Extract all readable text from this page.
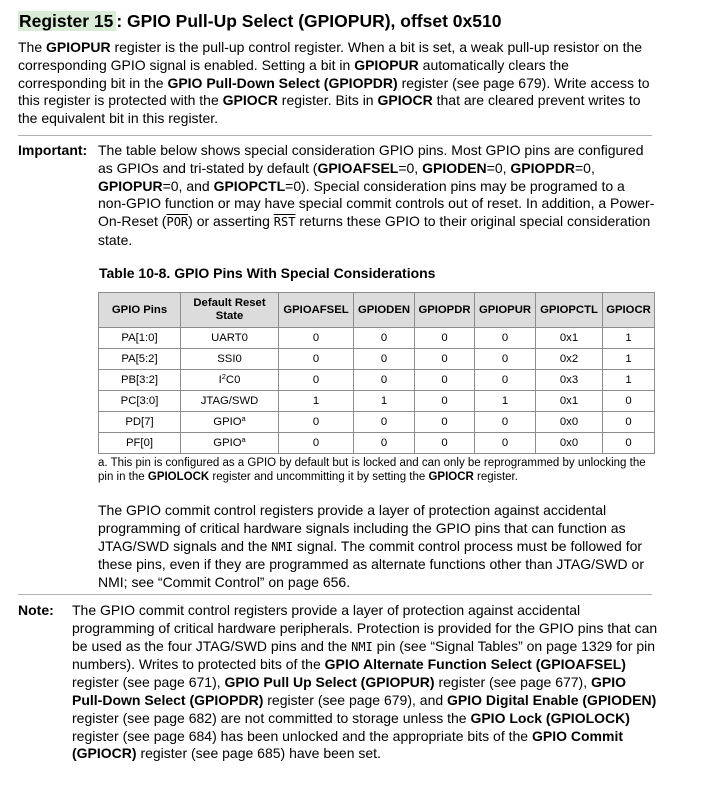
Register 15 : GPIO Pull-Up Select (GPIOPUR), offset 0x510

The GPIOPUR register is the pull-up control register. When a bit is set, a weak pull-up resistor on the corresponding GPIO signal is enabled. Setting a bit in GPIOPUR automatically clears the corresponding bit in the GPIO Pull-Down Select (GPIOPDR) register (see page 679). Write access to this register is protected with the GPIOCR register. Bits in GPIOCR that are cleared prevent writes to the equivalent bit in this register.

Important: The table below shows special consideration GPIO pins. Most GPIO pins are configured as GPIOs and tri-stated by default (GPIOAFSEL=0, GPIODEN=0, GPIOPDR=0, GPIOPUR=0, and GPIOPCTL=0). Special consideration pins may be programed to a non-GPIO function or may have special commit controls out of reset. In addition, a Power-On-Reset $(\overline{POR})$ or asserting $\overline{RST}$ returns these GPIO to their original special consideration state.

Table 10-8. GPIO Pins With Special Considerations
GPIO Pins	Default Reset State	GPIOAFSEL	GPIODEN	GPIOPDR	GPIOPUR	GPIOPCTL	GPIOCR
PA[1:0]	UART0	0	0	0	0	0x1	1
PA[5:2]	SSI0	0	0	0	0	0x2	1
PB[3:2]	$I^2C0$	0	0	0	0	0x3	1
PC[3:0]	JTAG/SWD	1	1	0	1	0x1	0
PD[7]	GPIO$^a$	0	0	0	0	0x0	0
PF[0]	GPIO$^a$	0	0	0	0	0x0	0

a. This pin is configured as a GPIO by default but is locked and can only be reprogrammed by unlocking the pin in the GPIOLOCK register and uncommitting it by setting the GPIOCR register.

The GPIO commit control registers provide a layer of protection against accidental programming of critical hardware signals including the GPIO pins that can function as JTAG/SWD signals and the NMI signal. The commit control process must be followed for these pins, even if they are programmed as alternate functions other than JTAG/SWD or NMI; see “Commit Control” on page 656.

Note: The GPIO commit control registers provide a layer of protection against accidental programming of critical hardware peripherals. Protection is provided for the GPIO pins that can be used as the four JTAG/SWD pins and the NMI pin (see “Signal Tables” on page 1329 for pin numbers). Writes to protected bits of the GPIO Alternate Function Select (GPIOAFSEL) register (see page 671), GPIO Pull Up Select (GPIOPUR) register (see page 677), GPIO Pull-Down Select (GPIOPDR) register (see page 679), and GPIO Digital Enable (GPIODEN) register (see page 682) are not committed to storage unless the GPIO Lock (GPIOLOCK) register (see page 684) has been unlocked and the appropriate bits of the GPIO Commit (GPIOCR) register (see page 685) have been set.
